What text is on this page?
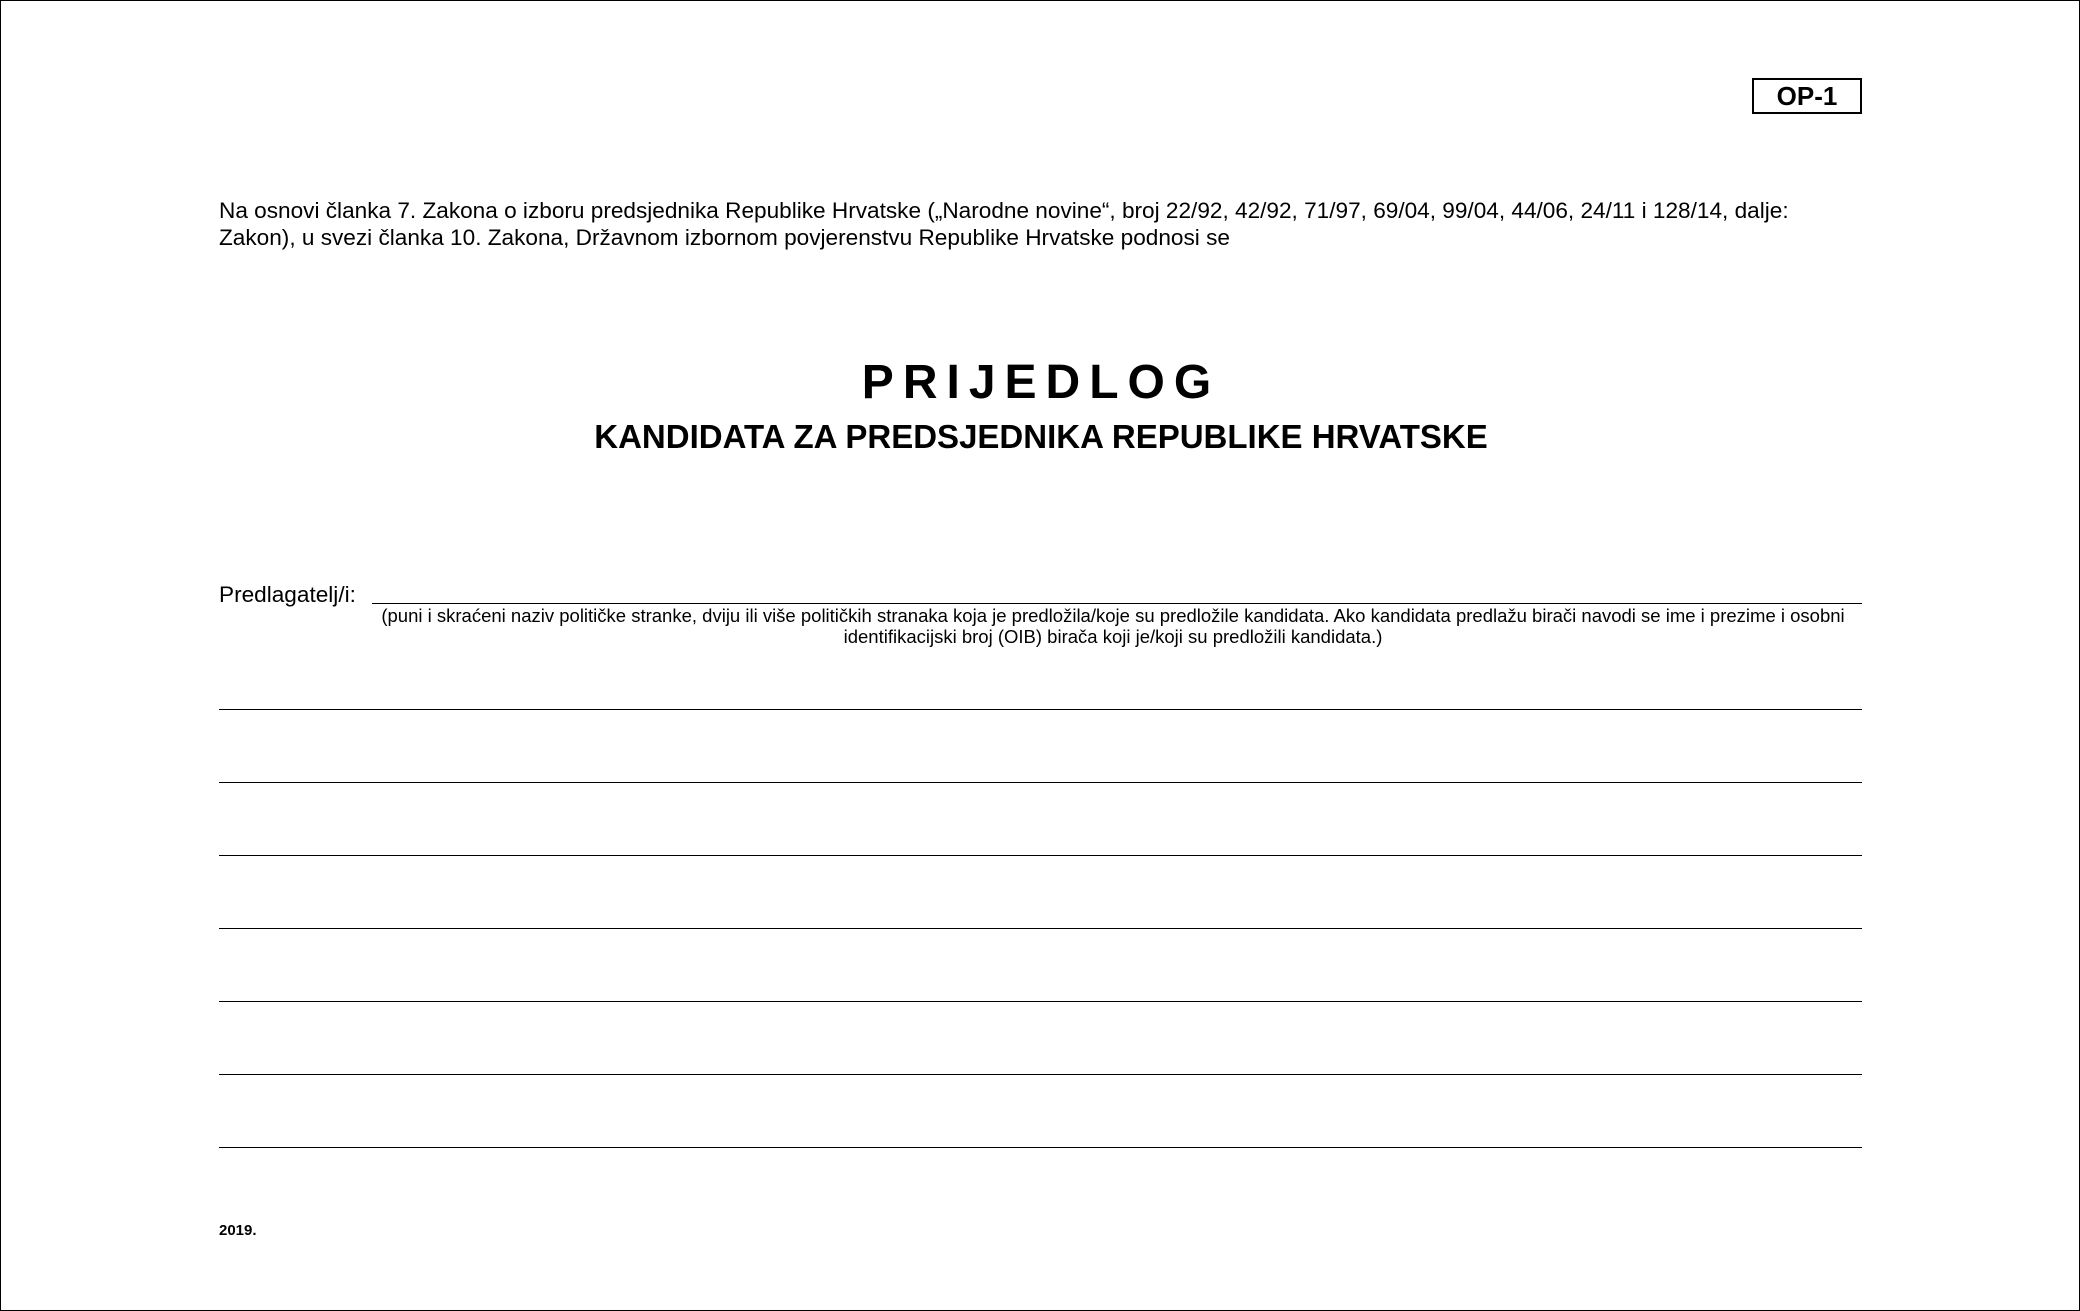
OP-1
Na osnovi članka 7. Zakona o izboru predsjednika Republike Hrvatske („Narodne novine“, broj 22/92, 42/92, 71/97, 69/04, 99/04, 44/06, 24/11 i 128/14, dalje: Zakon), u svezi članka 10. Zakona, Državnom izbornom povjerenstvu Republike Hrvatske podnosi se
PRIJEDLOG
KANDIDATA ZA PREDSJEDNIKA REPUBLIKE HRVATSKE
Predlagatelj/i:
(puni i skraćeni naziv političke stranke, dviju ili više političkih stranaka koja je predložila/koje su predložile kandidata. Ako kandidata predlažu birači navodi se ime i prezime i osobni identifikacijski broj (OIB) birača koji je/koji su predložili kandidata.)
2019.
